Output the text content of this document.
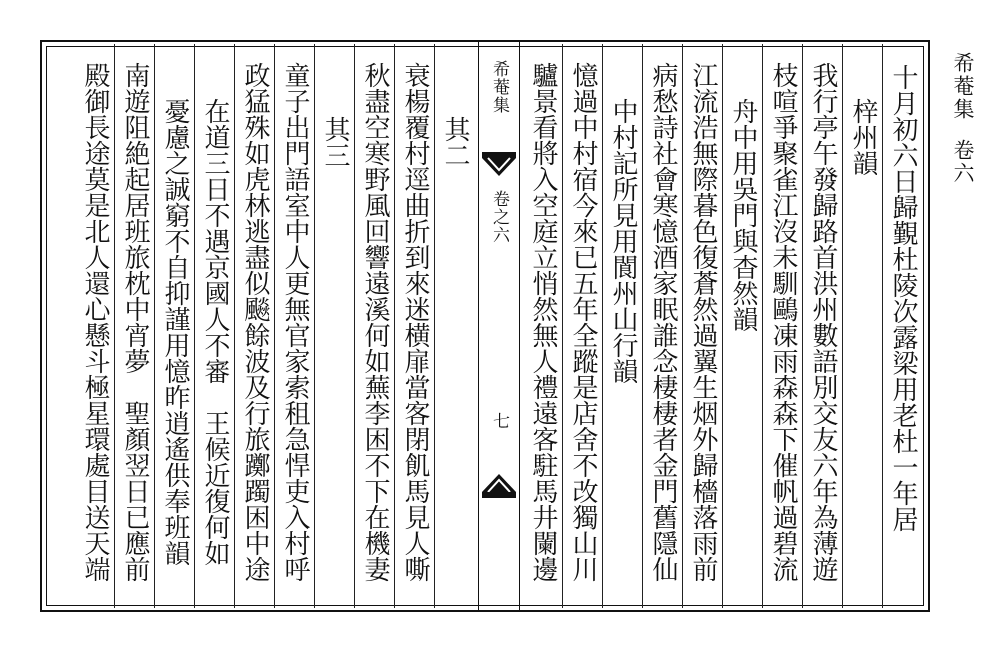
希菴集卷六
十月初六日歸覲杜陵次露梁用老杜一年居
梓州韻
我行亭午發歸路首洪州數語別交友六年為薄遊
枝喧爭聚雀江沒未馴鷗凍雨森森下催帆過碧流
舟中用吳門與杳然韻
江流浩無際暮色復蒼然過翼生烟外歸檣落雨前
病愁詩社會寒憶酒家眠誰念棲棲者金門舊隱仙
中村記所見用閬州山行韻
憶過中村宿今來已五年全蹤是店舍不改獨山川
驢景看將入空庭立悄然無人禮遠客駐馬井闌邊
希菴集
卷之六
七
其二
衰楊覆村逕曲折到來迷横扉當客閉飢馬見人嘶
秋盡空寒野風回響遠溪何如蕪李困不下在機妻
其三
童子出門語室中人更無官家索租急悍吏入村呼
政猛殊如虎林逃盡似飈餘波及行旅躑躅困中途
在道三日不遇京國人不審　王候近復何如
憂慮之誠窮不自抑謹用憶昨逍遙供奉班韻
南遊阻絶起居班旅枕中宵夢　聖顏翌日已應前
殿御長途莫是北人還心懸斗極星環處目送天端
